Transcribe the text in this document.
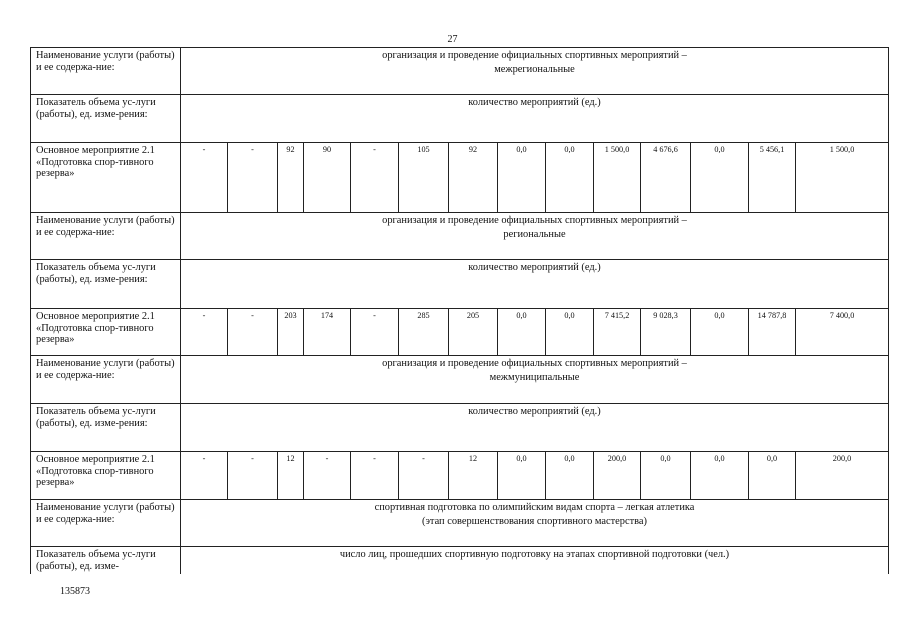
27
Наименование услуги (работы) и ее содержа-ние:
организация и проведение официальных спортивных мероприятий –
межрегиональные
Показатель объема ус-луги (работы), ед. изме-рения:
количество мероприятий (ед.)
Основное мероприятие 2.1 «Подготовка спор-тивного резерва»
-	-	92	90	-	105	92	0,0	0,0	1 500,0	4 676,6	0,0	5 456,1	1 500,0
Наименование услуги (работы) и ее содержа-ние:
организация и проведение официальных спортивных мероприятий –
региональные
Показатель объема ус-луги (работы), ед. изме-рения:
количество мероприятий (ед.)
Основное мероприятие 2.1 «Подготовка спор-тивного резерва»
-	-	203	174	-	285	205	0,0	0,0	7 415,2	9 028,3	0,0	14 787,8	7 400,0
Наименование услуги (работы) и ее содержа-ние:
организация и проведение официальных спортивных мероприятий –
межмуниципальные
Показатель объема ус-луги (работы), ед. изме-рения:
количество мероприятий (ед.)
Основное мероприятие 2.1 «Подготовка спор-тивного резерва»
-	-	12	-	-	-	12	0,0	0,0	200,0	0,0	0,0	0,0	200,0
Наименование услуги (работы) и ее содержа-ние:
спортивная подготовка по олимпийским видам спорта – легкая атлетика
(этап совершенствования спортивного мастерства)
Показатель объема ус-луги (работы), ед. изме-
число лиц, прошедших спортивную подготовку на этапах спортивной подготовки (чел.)
135873
